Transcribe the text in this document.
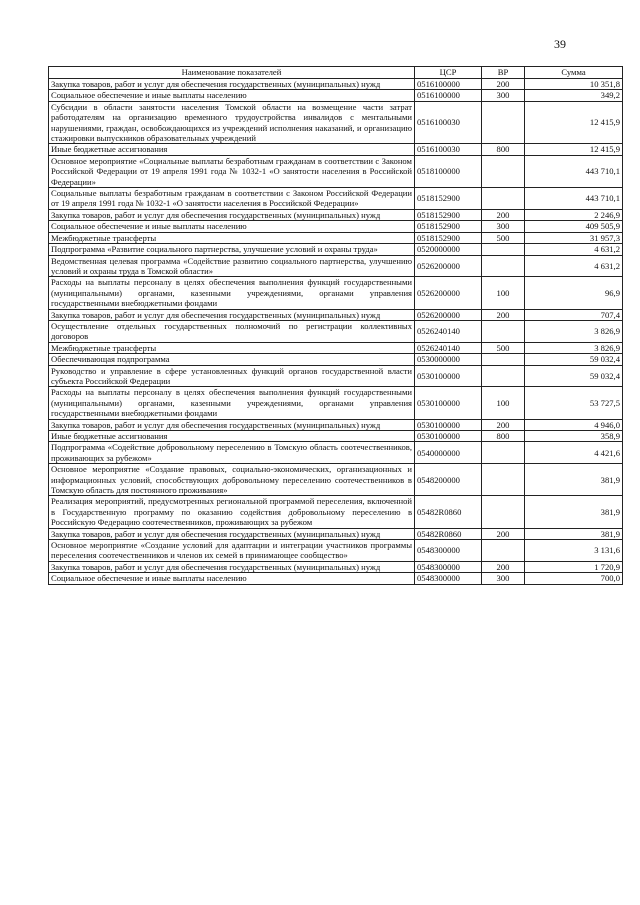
39
Наименование показателей	ЦСР	ВР	Сумма
Закупка товаров, работ и услуг для обеспечения государственных (муниципальных) нужд	0516100000	200	10 351,8
Социальное обеспечение и иные выплаты населению	0516100000	300	349,2
Субсидии в области занятости населения Томской области на возмещение части затрат работодателям на организацию временного трудоустройства инвалидов с ментальными нарушениями, граждан, освобождающихся из учреждений исполнения наказаний, и организацию стажировки выпускников образовательных учреждений	0516100030		12 415,9
Иные бюджетные ассигнования	0516100030	800	12 415,9
Основное мероприятие «Социальные выплаты безработным гражданам в соответствии с Законом Российской Федерации от 19 апреля 1991 года № 1032-1 «О занятости населения в Российской Федерации»	0518100000		443 710,1
Социальные выплаты безработным гражданам в соответствии с Законом Российской Федерации от 19 апреля 1991 года № 1032-1 «О занятости населения в Российской Федерации»	0518152900		443 710,1
Закупка товаров, работ и услуг для обеспечения государственных (муниципальных) нужд	0518152900	200	2 246,9
Социальное обеспечение и иные выплаты населению	0518152900	300	409 505,9
Межбюджетные трансферты	0518152900	500	31 957,3
Подпрограмма «Развитие социального партнерства, улучшение условий и охраны труда»	0520000000		4 631,2
Ведомственная целевая программа «Содействие развитию социального партнерства, улучшению условий и охраны труда в Томской области»	0526200000		4 631,2
Расходы на выплаты персоналу в целях обеспечения выполнения функций государственными (муниципальными) органами, казенными учреждениями, органами управления государственными внебюджетными фондами	0526200000	100	96,9
Закупка товаров, работ и услуг для обеспечения государственных (муниципальных) нужд	0526200000	200	707,4
Осуществление отдельных государственных полномочий по регистрации коллективных договоров	0526240140		3 826,9
Межбюджетные трансферты	0526240140	500	3 826,9
Обеспечивающая подпрограмма	0530000000		59 032,4
Руководство и управление в сфере установленных функций органов государственной власти субъекта Российской Федерации	0530100000		59 032,4
Расходы на выплаты персоналу в целях обеспечения выполнения функций государственными (муниципальными) органами, казенными учреждениями, органами управления государственными внебюджетными фондами	0530100000	100	53 727,5
Закупка товаров, работ и услуг для обеспечения государственных (муниципальных) нужд	0530100000	200	4 946,0
Иные бюджетные ассигнования	0530100000	800	358,9
Подпрограмма «Содействие добровольному переселению в Томскую область соотечественников, проживающих за рубежом»	0540000000		4 421,6
Основное мероприятие «Создание правовых, социально-экономических, организационных и информационных условий, способствующих добровольному переселению соотечественников в Томскую область для постоянного проживания»	0548200000		381,9
Реализация мероприятий, предусмотренных региональной программой переселения, включенной в Государственную программу по оказанию содействия добровольному переселению в Российскую Федерацию соотечественников, проживающих за рубежом	05482R0860		381,9
Закупка товаров, работ и услуг для обеспечения государственных (муниципальных) нужд	05482R0860	200	381,9
Основное мероприятие «Создание условий для адаптации и интеграции участников программы переселения соотечественников и членов их семей в принимающее сообщество»	0548300000		3 131,6
Закупка товаров, работ и услуг для обеспечения государственных (муниципальных) нужд	0548300000	200	1 720,9
Социальное обеспечение и иные выплаты населению	0548300000	300	700,0
